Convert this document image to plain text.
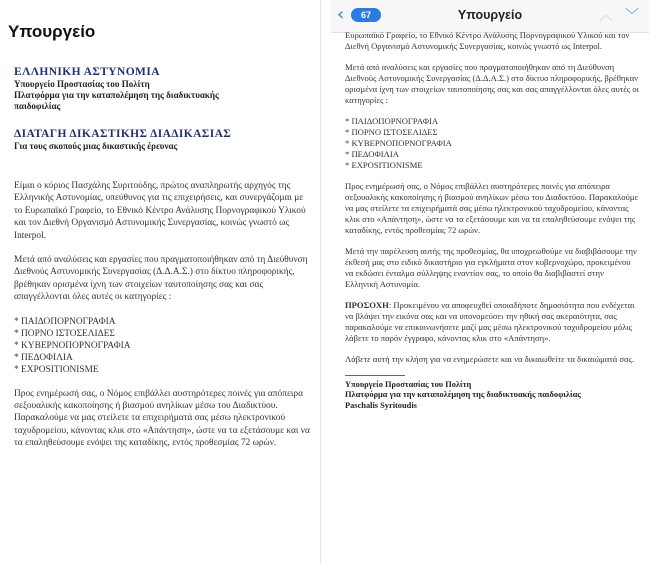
Υπουργείο
ΕΛΛΗΝΙΚΗ ΑΣΤΥΝΟΜΙΑ
Υπουργείο Προστασίας του Πολίτη
Πλατφόρμα για την καταπολέμηση της διαδικτυακής
παιδοφιλίας
ΔΙΑΤΑΓΗ ΔΙΚΑΣΤΙΚΗΣ ΔΙΑΔΙΚΑΣΙΑΣ
Για τους σκοπούς μιας δικαστικής έρευνας

Είμαι ο κύριος Πασχάλης Συριτούδης, πρώτος αναπληρωτής αρχηγός της Ελληνικής Αστυνομίας, υπεύθυνος για τις επιχειρήσεις, και συνεργάζομαι με το Ευρωπαϊκό Γραφείο, το Εθνικό Κέντρο Ανάλυσης Πορνογραφικού Υλικού και τον Διεθνή Οργανισμό Αστυνομικής Συνεργασίας, κοινώς γνωστό ως Interpol.

Μετά από αναλύσεις και εργασίες που πραγματοποιήθηκαν από τη Διεύθυνση Διεθνούς Αστυνομικής Συνεργασίας (Δ.Δ.Α.Σ.) στο δίκτυο πληροφορικής, βρέθηκαν ορισμένα ίχνη των στοιχείων ταυτοποίησης σας και σας απαγγέλλονται όλες αυτές οι κατηγορίες :

* ΠΑΙΔΟΠΟΡΝΟΓΡΑΦΙΑ
* ΠΟΡΝΟ ΙΣΤΟΣΕΛΙΔΕΣ
* ΚΥΒΕΡΝΟΠΟΡΝΟΓΡΑΦΙΑ
* ΠΕΔΟΦΙΛΙΑ
* EXPOSITIONISME

Προς ενημέρωσή σας, ο Νόμος επιβάλλει αυστηρότερες ποινές για απόπειρα σεξουαλικής κακοποίησης ή βιασμού ανηλίκων μέσω του Διαδικτύου. Παρακαλούμε να μας στείλετε τα επιχειρήματά σας μέσω ηλεκτρονικού ταχυδρομείου, κάνοντας κλικ στο «Απάντηση», ώστε να τα εξετάσουμε και να τα επαληθεύσουμε ενόψει της καταδίκης, εντός προθεσμίας 72 ωρών.

‹	67	Υπουργείο	︿ ﹀

Ευρωπαϊκό Γραφείο, το Εθνικό Κέντρο Ανάλυσης Πορνογραφικού Υλικού και τον Διεθνή Οργανισμό Αστυνομικής Συνεργασίας, κοινώς γνωστό ως Interpol.

Μετά από αναλύσεις και εργασίες που πραγματοποιήθηκαν από τη Διεύθυνση Διεθνούς Αστυνομικής Συνεργασίας (Δ.Δ.Α.Σ.) στο δίκτυο πληροφορικής, βρέθηκαν ορισμένα ίχνη των στοιχείων ταυτοποίησης σας και σας απαγγέλλονται όλες αυτές οι κατηγορίες :

* ΠΑΙΔΟΠΟΡΝΟΓΡΑΦΙΑ
* ΠΟΡΝΟ ΙΣΤΟΣΕΛΙΔΕΣ
* ΚΥΒΕΡΝΟΠΟΡΝΟΓΡΑΦΙΑ
* ΠΕΔΟΦΙΛΙΑ
* EXPOSITIONISME

Προς ενημέρωσή σας, ο Νόμος επιβάλλει αυστηρότερες ποινές για απόπειρα σεξουαλικής κακοποίησης ή βιασμού ανηλίκων μέσω του Διαδικτύου. Παρακαλούμε να μας στείλετε τα επιχειρήματά σας μέσω ηλεκτρονικού ταχυδρομείου, κάνοντας κλικ στο «Απάντηση», ώστε να τα εξετάσουμε και να τα επαληθεύσουμε ενόψει της καταδίκης, εντός προθεσμίας 72 ωρών.

Μετά την παρέλευση αυτής της προθεσμίας, θα υποχρεωθούμε να διαβιβάσουμε την έκθεσή μας στο ειδικό δικαστήριο για εγκλήματα στον κυβερνοχώρο, προκειμένου να εκδώσει ένταλμα σύλληψης εναντίον σας, το οποίο θα διαβιβαστεί στην Ελληνική Αστυνομία.

ΠΡΟΣΟΧΗ: Προκειμένου να αποφευχθεί οποιαδήποτε δημοσιότητα που ενδέχεται να βλάψει την εικόνα σας και να υπονομεύσει την ηθική σας ακεραιότητα, σας παρακαλούμε να επικοινωνήσετε μαζί μας μέσω ηλεκτρονικού ταχυδρομείου μόλις λάβετε το παρόν έγγραφο, κάνοντας κλικ στο «Απάντηση».

Λάβετε αυτή την κλήση για να ενημερώσετε και να δικαιωθείτε τα δικαιώματά σας.

Υπουργείο Προστασίας του Πολίτη
Πλατφόρμα για την καταπολέμηση της διαδικτυακής παιδοφιλίας
Paschalis Syritoudis
